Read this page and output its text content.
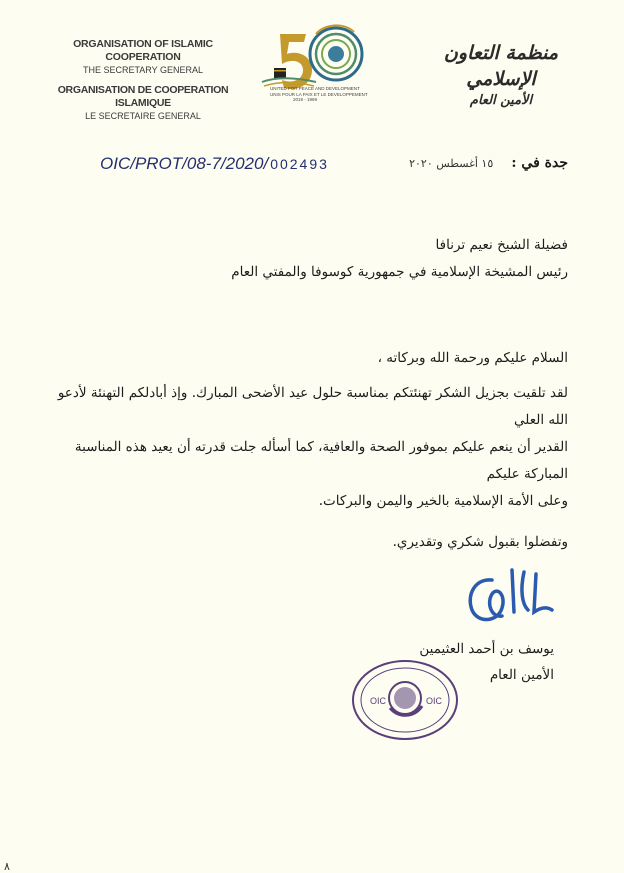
ORGANISATION OF ISLAMIC COOPERATION
THE SECRETARY GENERAL
ORGANISATION DE COOPERATION ISLAMIQUE
LE SECRETAIRE GENERAL
UNITED FOR PEACE AND DEVELOPMENT
UNIS POUR LA PAIX ET LE DEVELOPPEMENT
2019 - 1969
منظمة التعاون الإسلامي
الأمين العام
OIC/PROT/08-7/2020/ 002493	جدة في : ١٥ أغسطس ٢٠٢٠
فضيلة الشيخ نعيم ترنافا
رئيس المشيخة الإسلامية في جمهورية كوسوفا والمفتي العام

السلام عليكم ورحمة الله وبركاته ،

لقد تلقيت بجزيل الشكر تهنئتكم بمناسبة حلول عيد الأضحى المبارك. وإذ أبادلكم التهنئة لأدعو الله العلي

القدير أن ينعم عليكم بموفور الصحة والعافية، كما أسأله جلت قدرته أن يعيد هذه المناسبة المباركة عليكم

وعلى الأمة الإسلامية بالخير واليمن والبركات.

وتفضلوا بقبول شكري وتقديري.

يوسف بن أحمد العثيمين
الأمين العام
OIC	OIC
٨
